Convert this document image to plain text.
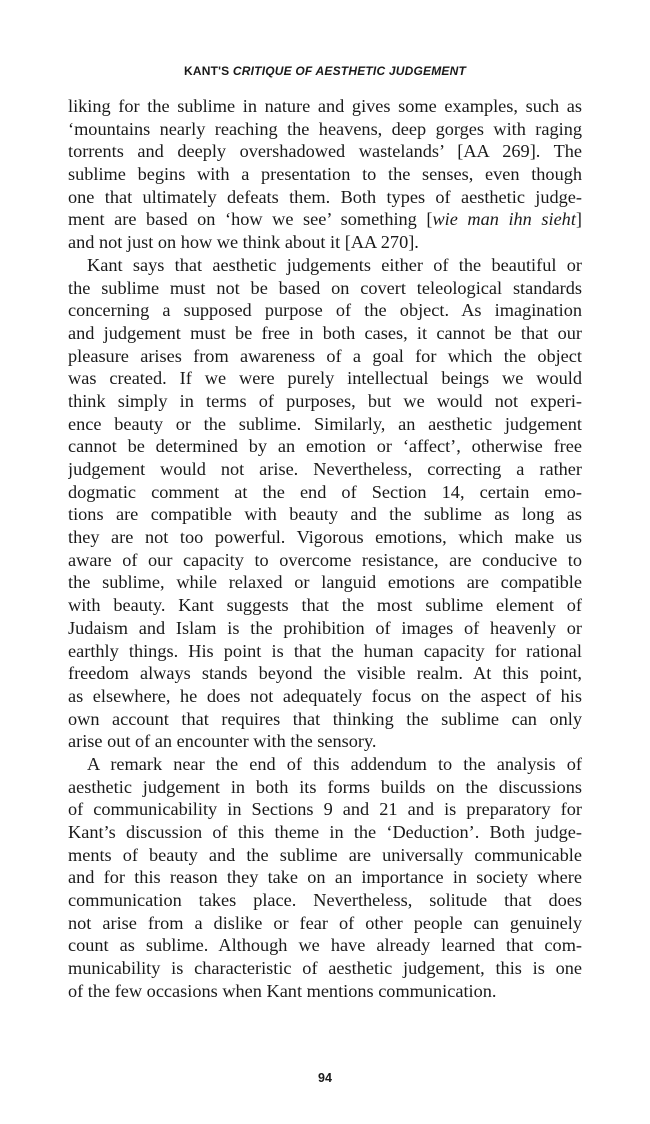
KANT'S CRITIQUE OF AESTHETIC JUDGEMENT
liking for the sublime in nature and gives some examples, such as
‘mountains nearly reaching the heavens, deep gorges with raging
torrents and deeply overshadowed wastelands’ [AA 269]. The
sublime begins with a presentation to the senses, even though
one that ultimately defeats them. Both types of aesthetic judge-
ment are based on ‘how we see’ something [wie man ihn sieht]
and not just on how we think about it [AA 270].
Kant says that aesthetic judgements either of the beautiful or
the sublime must not be based on covert teleological standards
concerning a supposed purpose of the object. As imagination
and judgement must be free in both cases, it cannot be that our
pleasure arises from awareness of a goal for which the object
was created. If we were purely intellectual beings we would
think simply in terms of purposes, but we would not experi-
ence beauty or the sublime. Similarly, an aesthetic judgement
cannot be determined by an emotion or ‘affect’, otherwise free
judgement would not arise. Nevertheless, correcting a rather
dogmatic comment at the end of Section 14, certain emo-
tions are compatible with beauty and the sublime as long as
they are not too powerful. Vigorous emotions, which make us
aware of our capacity to overcome resistance, are conducive to
the sublime, while relaxed or languid emotions are compatible
with beauty. Kant suggests that the most sublime element of
Judaism and Islam is the prohibition of images of heavenly or
earthly things. His point is that the human capacity for rational
freedom always stands beyond the visible realm. At this point,
as elsewhere, he does not adequately focus on the aspect of his
own account that requires that thinking the sublime can only
arise out of an encounter with the sensory.
A remark near the end of this addendum to the analysis of
aesthetic judgement in both its forms builds on the discussions
of communicability in Sections 9 and 21 and is preparatory for
Kant’s discussion of this theme in the ‘Deduction’. Both judge-
ments of beauty and the sublime are universally communicable
and for this reason they take on an importance in society where
communication takes place. Nevertheless, solitude that does
not arise from a dislike or fear of other people can genuinely
count as sublime. Although we have already learned that com-
municability is characteristic of aesthetic judgement, this is one
of the few occasions when Kant mentions communication.
94
